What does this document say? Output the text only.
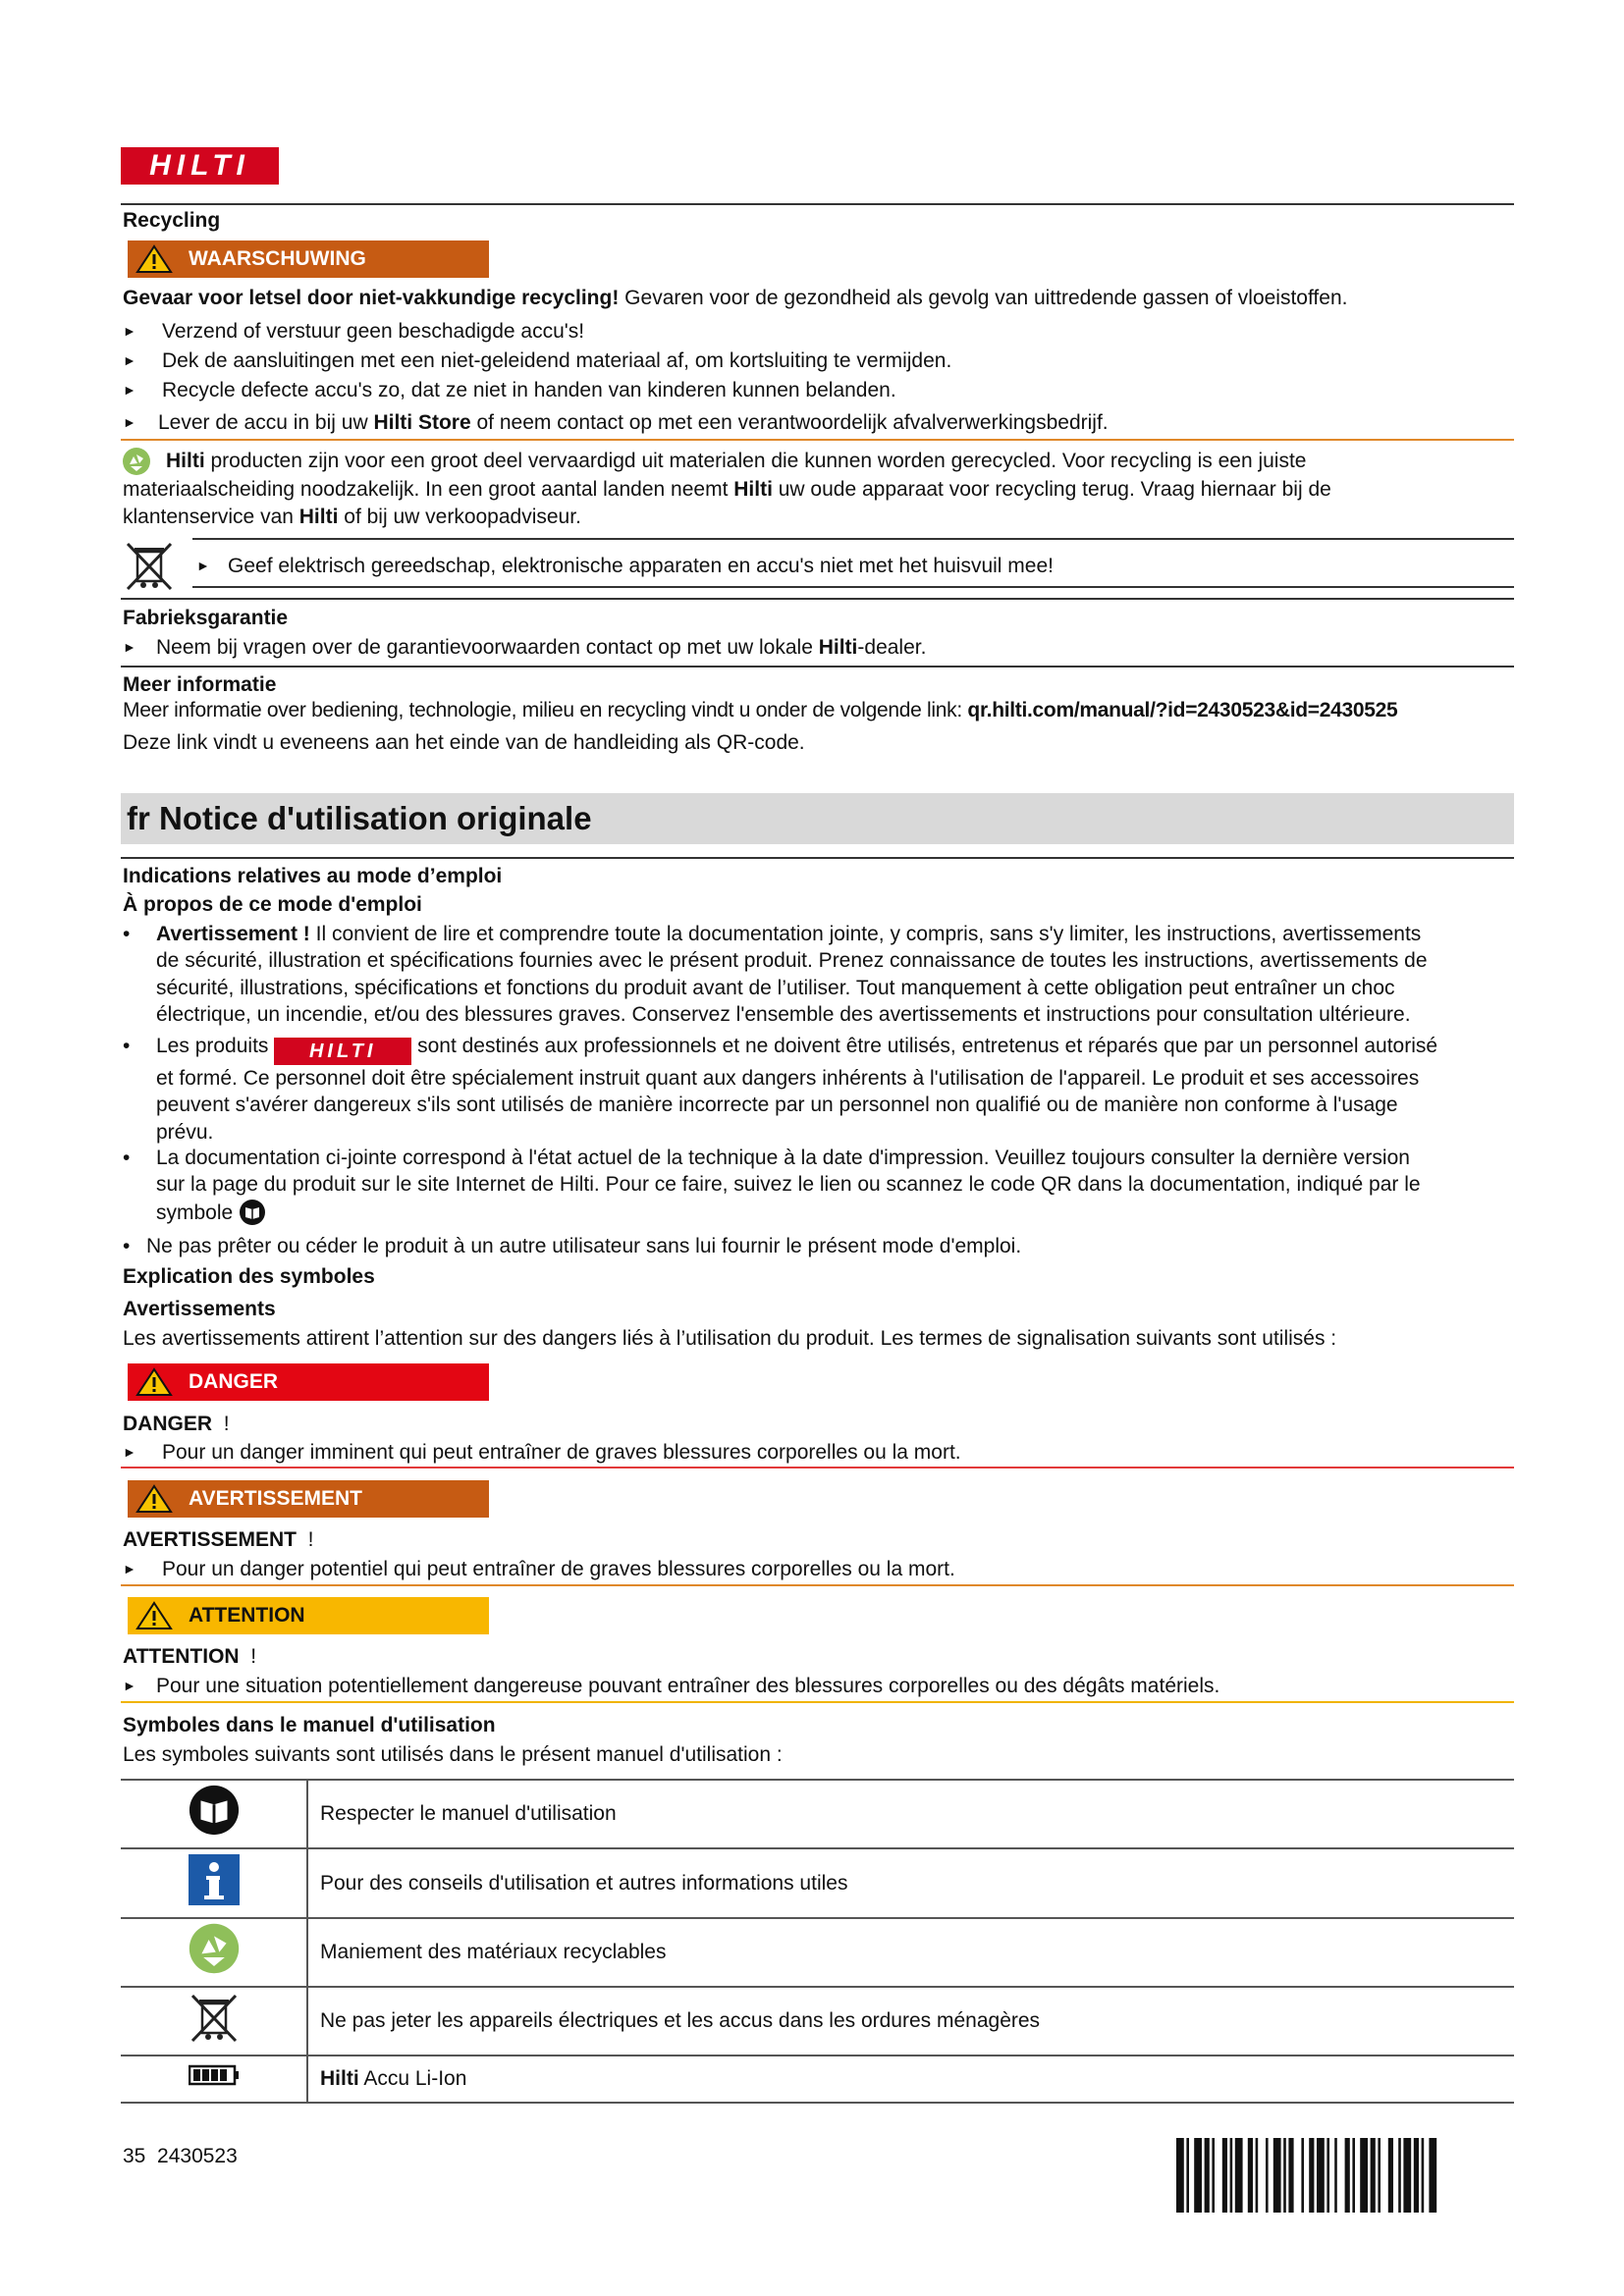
HILTI
Recycling
WAARSCHUWING
Gevaar voor letsel door niet-vakkundige recycling! Gevaren voor de gezondheid als gevolg van uittredende gassen of vloeistoffen.
► Verzend of verstuur geen beschadigde accu's!
► Dek de aansluitingen met een niet-geleidend materiaal af, om kortsluiting te vermijden.
► Recycle defecte accu's zo, dat ze niet in handen van kinderen kunnen belanden.
► Lever de accu in bij uw Hilti Store of neem contact op met een verantwoordelijk afvalverwerkingsbedrijf.
Hilti producten zijn voor een groot deel vervaardigd uit materialen die kunnen worden gerecycled. Voor recycling is een juiste
materiaalscheiding noodzakelijk. In een groot aantal landen neemt Hilti uw oude apparaat voor recycling terug. Vraag hiernaar bij de
klantenservice van Hilti of bij uw verkoopadviseur.
► Geef elektrisch gereedschap, elektronische apparaten en accu's niet met het huisvuil mee!
Fabrieksgarantie
► Neem bij vragen over de garantievoorwaarden contact op met uw lokale Hilti-dealer.
Meer informatie
Meer informatie over bediening, technologie, milieu en recycling vindt u onder de volgende link: qr.hilti.com/manual/?id=2430523&id=2430525
Deze link vindt u eveneens aan het einde van de handleiding als QR-code.
fr Notice d'utilisation originale
Indications relatives au mode d’emploi
À propos de ce mode d'emploi
• Avertissement ! Il convient de lire et comprendre toute la documentation jointe, y compris, sans s'y limiter, les instructions, avertissements
de sécurité, illustration et spécifications fournies avec le présent produit. Prenez connaissance de toutes les instructions, avertissements de
sécurité, illustrations, spécifications et fonctions du produit avant de l’utiliser. Tout manquement à cette obligation peut entraîner un choc
électrique, un incendie, et/ou des blessures graves. Conservez l'ensemble des avertissements et instructions pour consultation ultérieure.
• Les produits HILTI sont destinés aux professionnels et ne doivent être utilisés, entretenus et réparés que par un personnel autorisé
et formé. Ce personnel doit être spécialement instruit quant aux dangers inhérents à l'utilisation de l'appareil. Le produit et ses accessoires
peuvent s'avérer dangereux s'ils sont utilisés de manière incorrecte par un personnel non qualifié ou de manière non conforme à l'usage
prévu.
• La documentation ci-jointe correspond à l'état actuel de la technique à la date d'impression. Veuillez toujours consulter la dernière version
sur la page du produit sur le site Internet de Hilti. Pour ce faire, suivez le lien ou scannez le code QR dans la documentation, indiqué par le
symbole
• Ne pas prêter ou céder le produit à un autre utilisateur sans lui fournir le présent mode d'emploi.
Explication des symboles
Avertissements
Les avertissements attirent l’attention sur des dangers liés à l’utilisation du produit. Les termes de signalisation suivants sont utilisés :
DANGER
DANGER !
► Pour un danger imminent qui peut entraîner de graves blessures corporelles ou la mort.
AVERTISSEMENT
AVERTISSEMENT !
► Pour un danger potentiel qui peut entraîner de graves blessures corporelles ou la mort.
ATTENTION
ATTENTION !
► Pour une situation potentiellement dangereuse pouvant entraîner des blessures corporelles ou des dégâts matériels.
Symboles dans le manuel d'utilisation
Les symboles suivants sont utilisés dans le présent manuel d'utilisation :
	Respecter le manuel d'utilisation
	Pour des conseils d'utilisation et autres informations utiles
	Maniement des matériaux recyclables
	Ne pas jeter les appareils électriques et les accus dans les ordures ménagères
	Hilti Accu Li-Ion
35 2430523
